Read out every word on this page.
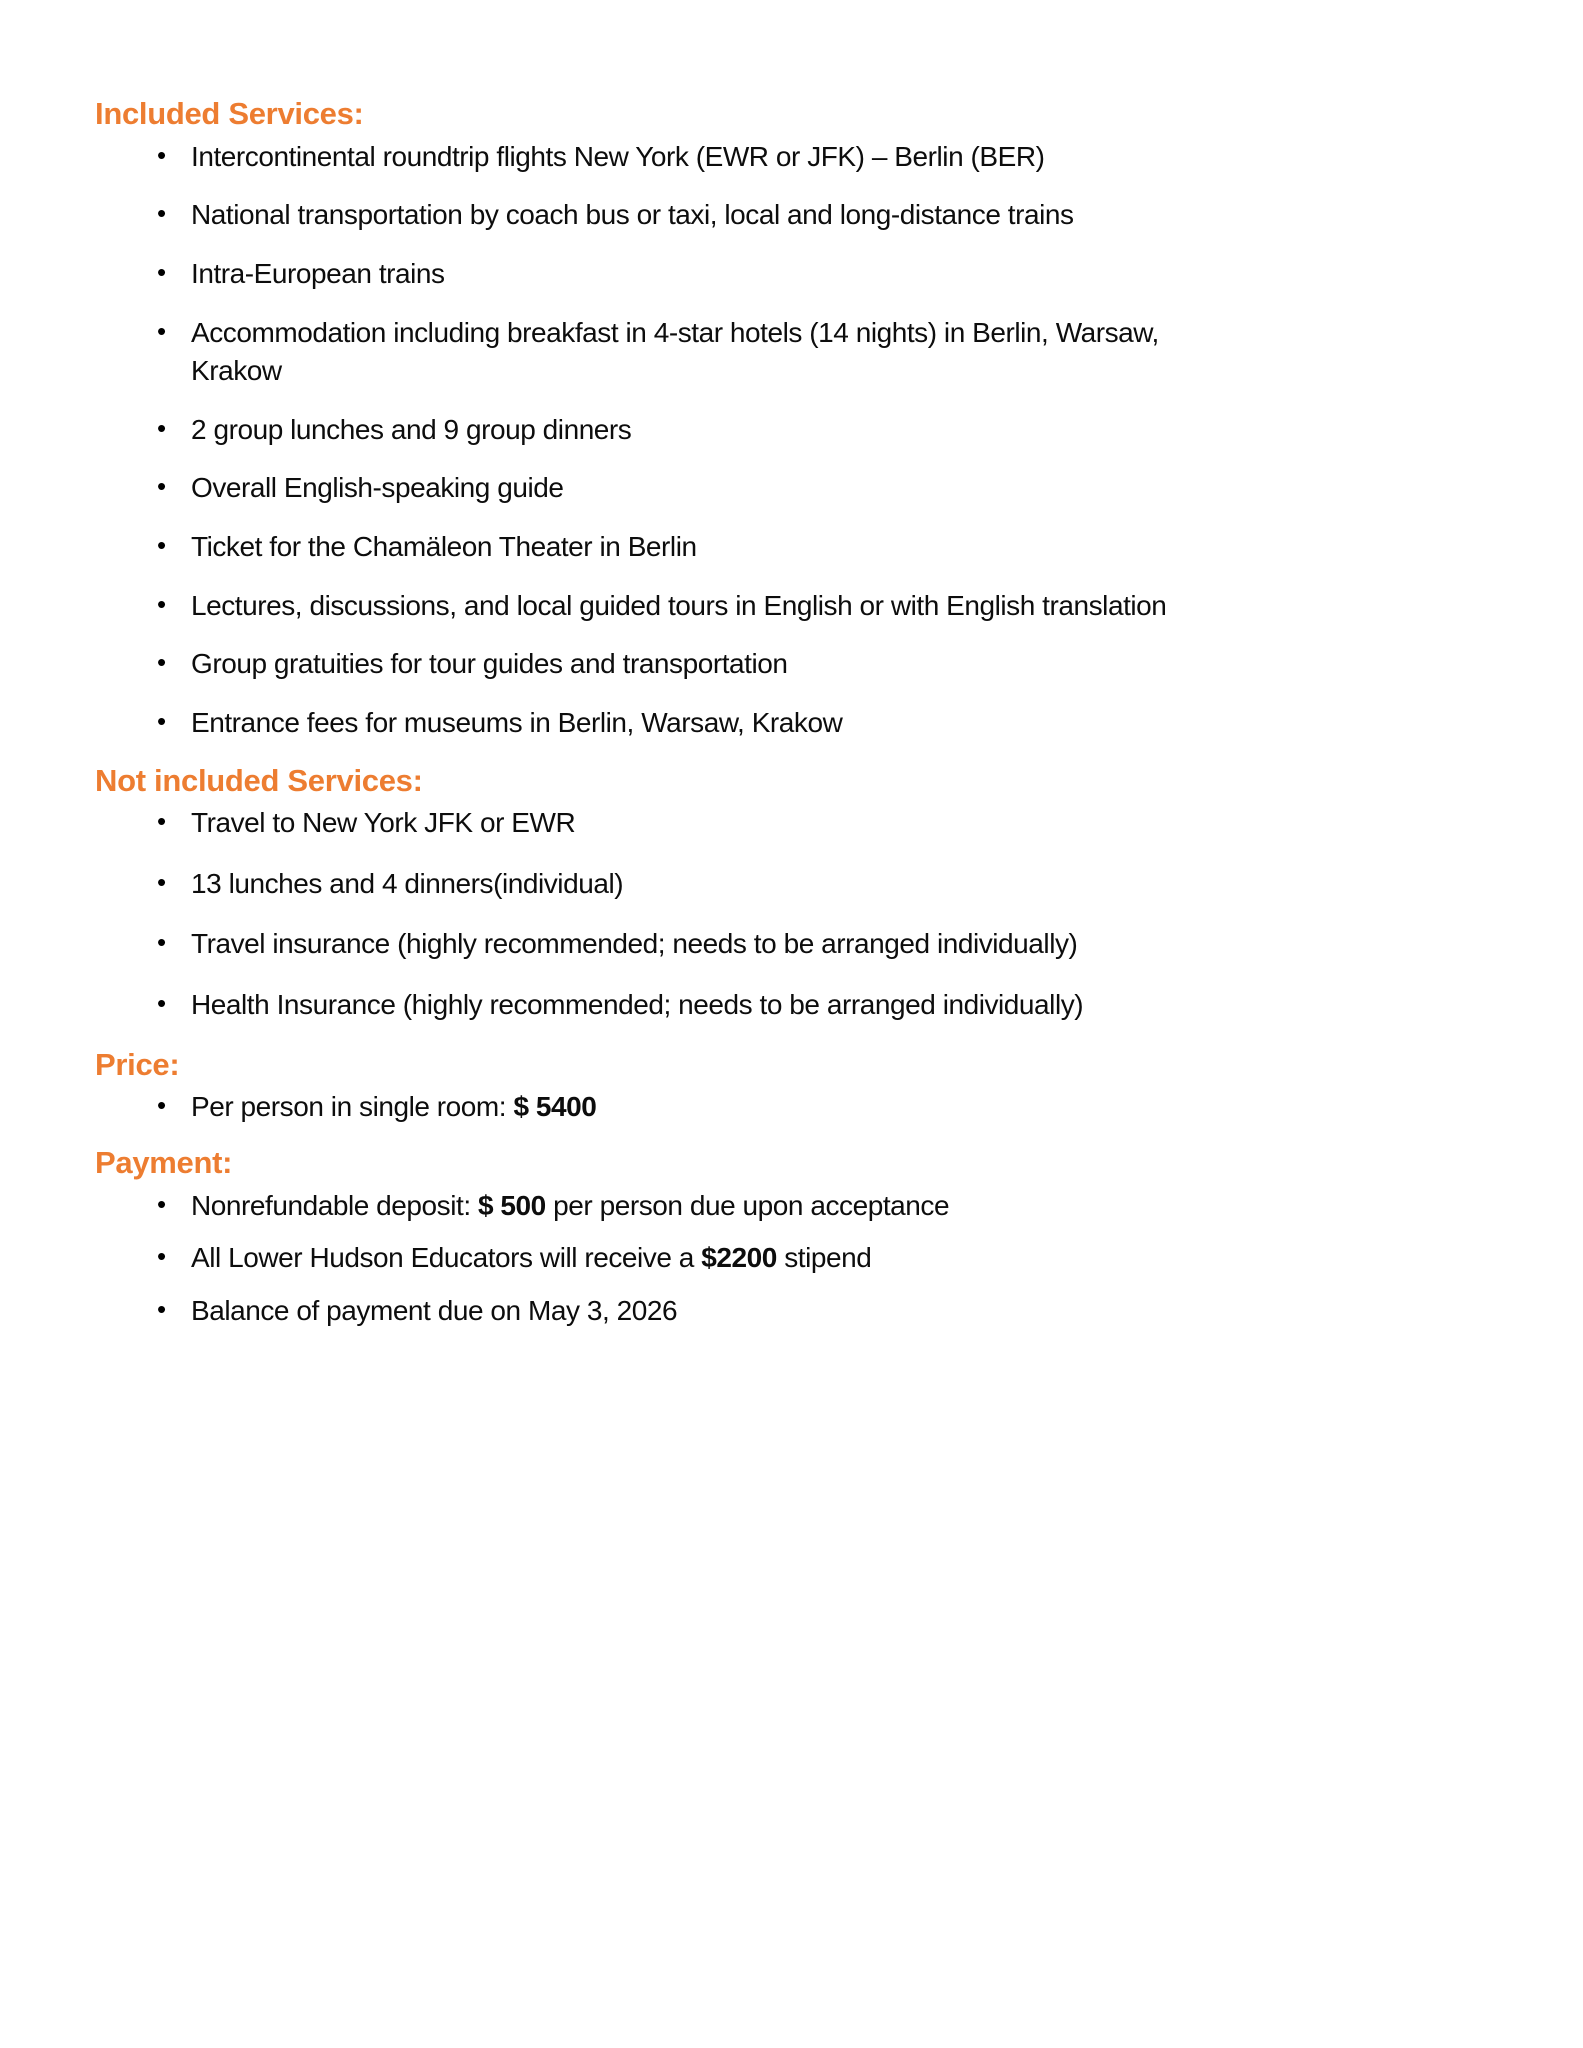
Included Services:
• Intercontinental roundtrip flights New York (EWR or JFK) – Berlin (BER)
• National transportation by coach bus or taxi, local and long-distance trains
• Intra-European trains
• Accommodation including breakfast in 4-star hotels (14 nights) in Berlin, Warsaw, Krakow
• 2 group lunches and 9 group dinners
• Overall English-speaking guide
• Ticket for the Chamäleon Theater in Berlin
• Lectures, discussions, and local guided tours in English or with English translation
• Group gratuities for tour guides and transportation
• Entrance fees for museums in Berlin, Warsaw, Krakow
Not included Services:
• Travel to New York JFK or EWR
• 13 lunches and 4 dinners(individual)
• Travel insurance (highly recommended; needs to be arranged individually)
• Health Insurance (highly recommended; needs to be arranged individually)
Price:
• Per person in single room: $ 5400
Payment:
• Nonrefundable deposit: $ 500 per person due upon acceptance
• All Lower Hudson Educators will receive a $2200 stipend
• Balance of payment due on May 3, 2026
